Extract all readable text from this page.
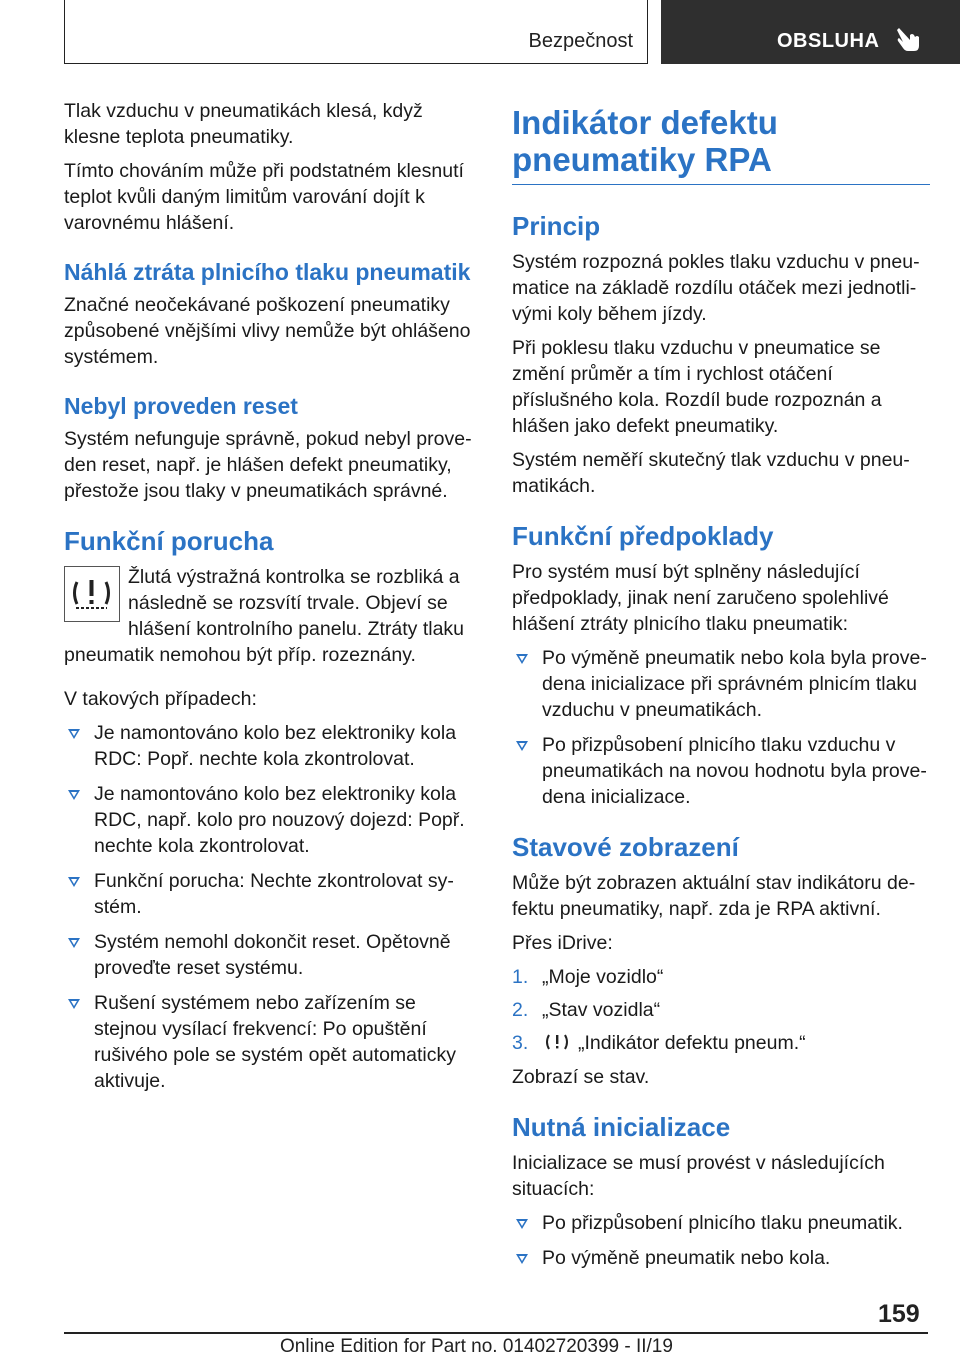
Bezpečnost	OBSLUHA

Tlak vzduchu v pneumatikách klesá, když klesne teplota pneumatiky.

Tímto chováním může při podstatném klesnutí teplot kvůli daným limitům varování dojít k varovnému hlášení.

Náhlá ztráta plnicího tlaku pneumatik

Značné neočekávané poškození pneumatiky způsobené vnějšími vlivy nemůže být ohlášeno systémem.

Nebyl proveden reset

Systém nefunguje správně, pokud nebyl proveden reset, např. je hlášen defekt pneumatiky, přestože jsou tlaky v pneumatikách správné.

Funkční porucha

Žlutá výstražná kontrolka se rozbliká a následně se rozsvítí trvale. Objeví se hlášení kontrolního panelu. Ztráty tlaku pneumatik nemohou být příp. rozeznány.

V takových případech:

Je namontováno kolo bez elektroniky kola RDC: Popř. nechte kola zkontrolovat.
Je namontováno kolo bez elektroniky kola RDC, např. kolo pro nouzový dojezd: Popř. nechte kola zkontrolovat.
Funkční porucha: Nechte zkontrolovat systém.
Systém nemohl dokončit reset. Opětovně proveďte reset systému.
Rušení systémem nebo zařízením se stejnou vysílací frekvencí: Po opuštění rušivého pole se systém opět automaticky aktivuje.
Indikátor defektu pneumatiky RPA
Princip

Systém rozpozná pokles tlaku vzduchu v pneumatice na základě rozdílu otáček mezi jednotlivými koly během jízdy.

Při poklesu tlaku vzduchu v pneumatice se změní průměr a tím i rychlost otáčení příslušného kola. Rozdíl bude rozpoznán a hlášen jako defekt pneumatiky.

Systém neměří skutečný tlak vzduchu v pneumatikách.

Funkční předpoklady

Pro systém musí být splněny následující předpoklady, jinak není zaručeno spolehlivé hlášení ztráty plnicího tlaku pneumatik:

Po výměně pneumatik nebo kola byla provedena inicializace při správném plnicím tlaku vzduchu v pneumatikách.
Po přizpůsobení plnicího tlaku vzduchu v pneumatikách na novou hodnotu byla provedena inicializace.
Stavové zobrazení

Může být zobrazen aktuální stav indikátoru defektu pneumatiky, např. zda je RPA aktivní.

Přes iDrive:

1. „Moje vozidlo“
2. „Stav vozidla“
3.	„Indikátor defektu pneum.“

Zobrazí se stav.

Nutná inicializace

Inicializace se musí provést v následujících situacích:

Po přizpůsobení plnicího tlaku pneumatik.
Po výměně pneumatik nebo kola.
159
Online Edition for Part no. 01402720399 - II/19
